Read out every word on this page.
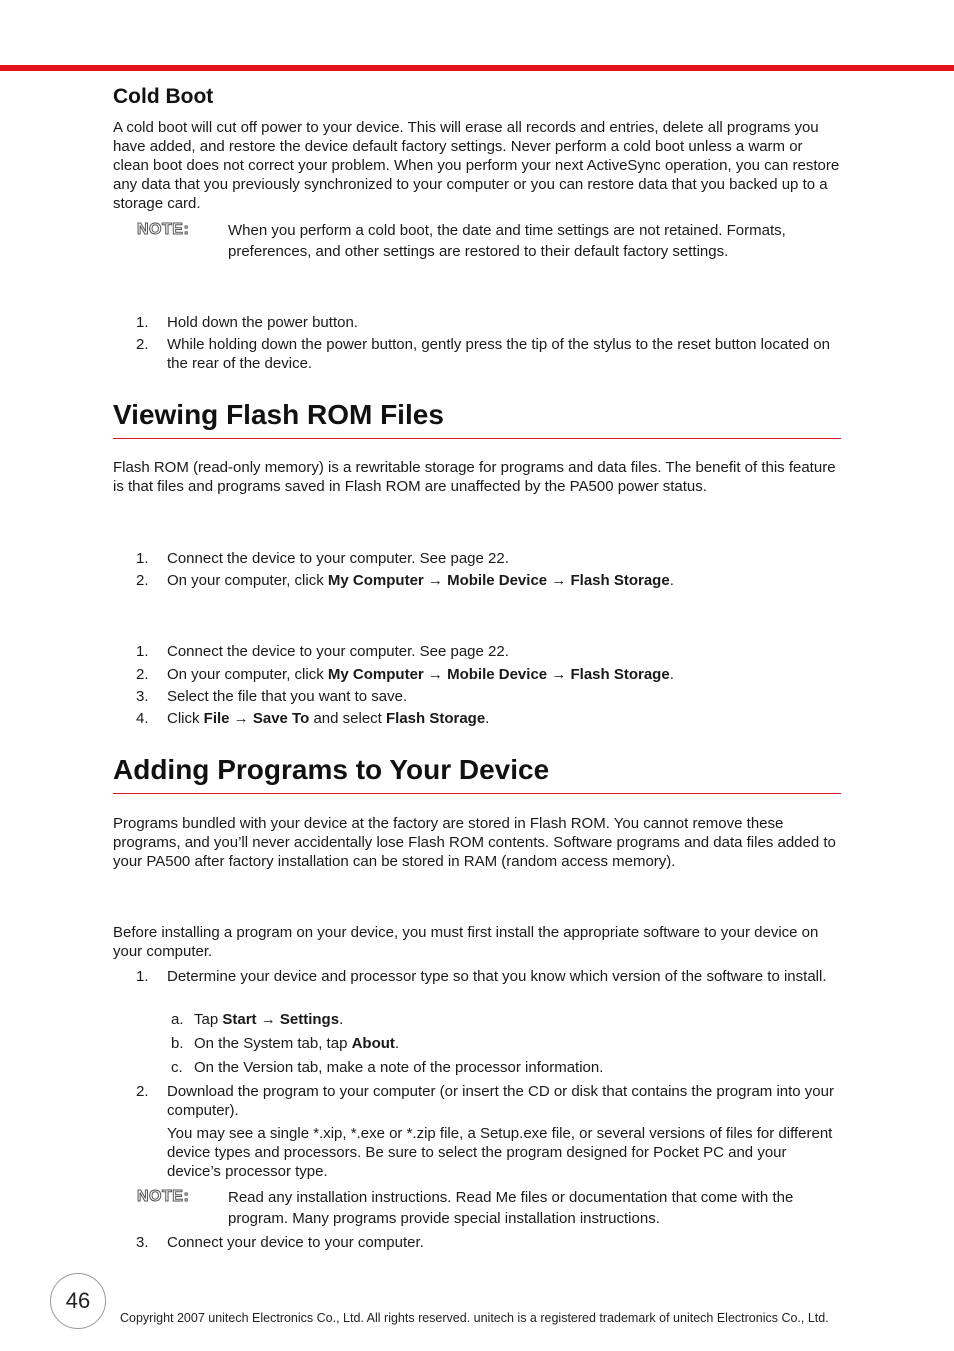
Cold Boot

A cold boot will cut off power to your device. This will erase all records and entries, delete all programs you have added, and restore the device default factory settings. Never perform a cold boot unless a warm or clean boot does not correct your problem. When you perform your next ActiveSync operation, you can restore any data that you previously synchronized to your computer or you can restore data that you backed up to a storage card.

NOTE:	When you perform a cold boot, the date and time settings are not retained. Formats, preferences, and other settings are restored to their default factory settings.

1.	Hold down the power button.

2.	While holding down the power button, gently press the tip of the stylus to the reset button located on the rear of the device.

Viewing Flash ROM Files

Flash ROM (read-only memory) is a rewritable storage for programs and data files. The benefit of this feature is that files and programs saved in Flash ROM are unaffected by the PA500 power status.

1.	Connect the device to your computer. See page 22.

2.	On your computer, click My Computer → Mobile Device → Flash Storage.

1.	Connect the device to your computer. See page 22.

2.	On your computer, click My Computer → Mobile Device → Flash Storage.

3.	Select the file that you want to save.

4.	Click File → Save To and select Flash Storage.

Adding Programs to Your Device

Programs bundled with your device at the factory are stored in Flash ROM. You cannot remove these programs, and you’ll never accidentally lose Flash ROM contents. Software programs and data files added to your PA500 after factory installation can be stored in RAM (random access memory).

Before installing a program on your device, you must first install the appropriate software to your device on your computer.

1.	Determine your device and processor type so that you know which version of the software to install.

a. Tap Start → Settings.

b. On the System tab, tap About.

c. On the Version tab, make a note of the processor information.

2.	Download the program to your computer (or insert the CD or disk that contains the program into your computer).

You may see a single *.xip, *.exe or *.zip file, a Setup.exe file, or several versions of files for different device types and processors. Be sure to select the program designed for Pocket PC and your device’s processor type.

NOTE:	Read any installation instructions. Read Me files or documentation that come with the program. Many programs provide special installation instructions.

3.	Connect your device to your computer.

46
Copyright 2007 unitech Electronics Co., Ltd. All rights reserved. unitech is a registered trademark of unitech Electronics Co., Ltd.
